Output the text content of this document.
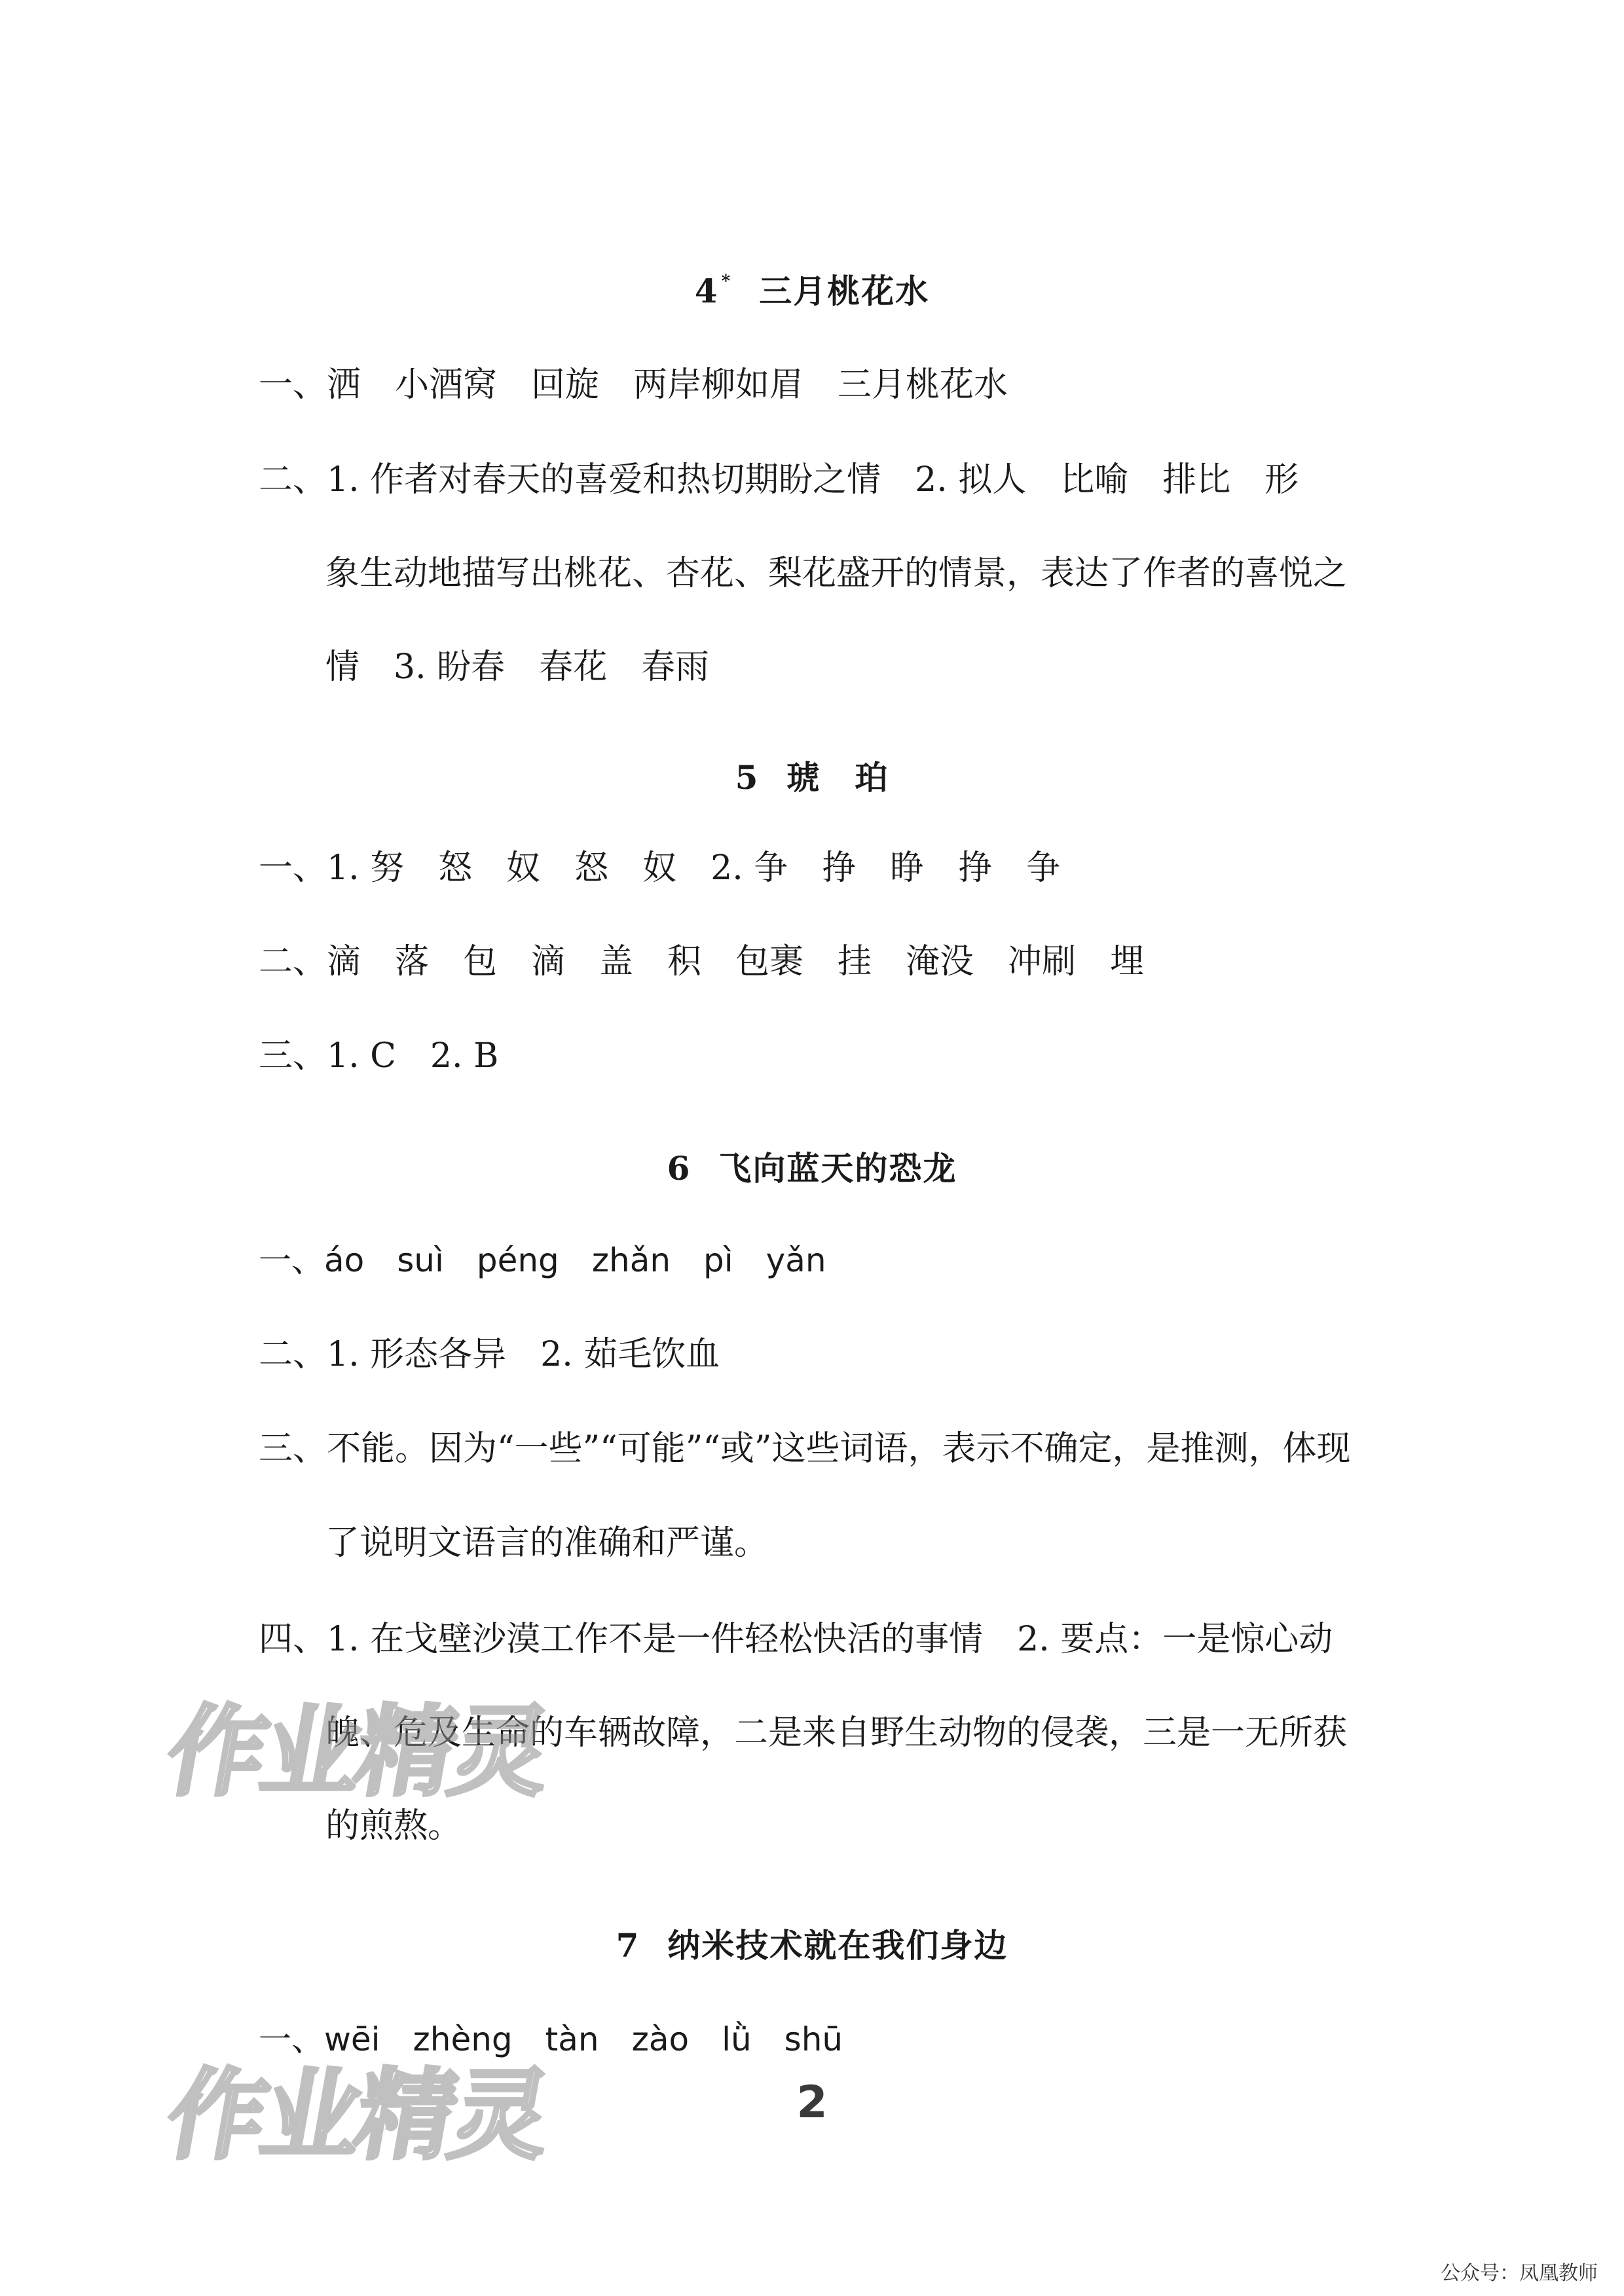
4 * 三月桃花水
一、洒　小酒窝　回旋　两岸柳如眉　三月桃花水
二、1. 作者对春天的喜爱和热切期盼之情　2. 拟人　比喻　排比　形
象生动地描写出桃花、杏花、梨花盛开的情景，表达了作者的喜悦之
情　3. 盼春　春花　春雨
5 琥　珀
一、1. 努　怒　奴　怒　奴　2. 争　挣　睁　挣　争
二、滴　落　包　滴　盖　积　包裹　挂　淹没　冲刷　埋
三、1. C　2. B
6 飞向蓝天的恐龙
一、áo　suì　péng　zhǎn　pì　yǎn
二、1. 形态各异　2. 茹毛饮血
三、不能。因为“一些”“可能”“或”这些词语，表示不确定，是推测，体现
了说明文语言的准确和严谨。
四、1. 在戈壁沙漠工作不是一件轻松快活的事情　2. 要点：一是惊心动
魄、危及生命的车辆故障，二是来自野生动物的侵袭，三是一无所获
的煎熬。
7 纳米技术就在我们身边
一、wēi　zhèng　tàn　zào　lǜ　shū
作业精灵
作业精灵	2
公众号：凤凰教师
